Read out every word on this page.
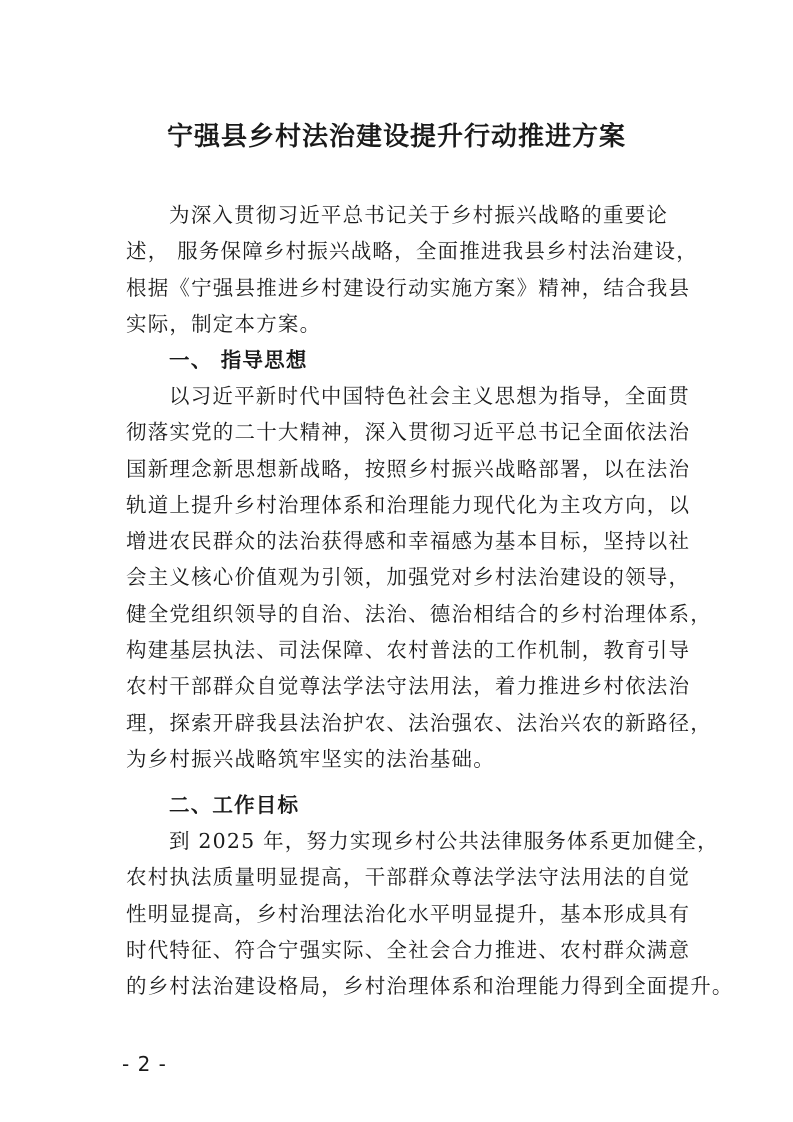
宁强县乡村法治建设提升行动推进方案
为深入贯彻习近平总书记关于乡村振兴战略的重要论
述， 服务保障乡村振兴战略，全面推进我县乡村法治建设，
根据《宁强县推进乡村建设行动实施方案》精神，结合我县
实际，制定本方案。
一、 指导思想
以习近平新时代中国特色社会主义思想为指导，全面贯
彻落实党的二十大精神，深入贯彻习近平总书记全面依法治
国新理念新思想新战略，按照乡村振兴战略部署，以在法治
轨道上提升乡村治理体系和治理能力现代化为主攻方向，以
增进农民群众的法治获得感和幸福感为基本目标，坚持以社
会主义核心价值观为引领，加强党对乡村法治建设的领导，
健全党组织领导的自治、法治、德治相结合的乡村治理体系，
构建基层执法、司法保障、农村普法的工作机制，教育引导
农村干部群众自觉尊法学法守法用法，着力推进乡村依法治
理，探索开辟我县法治护农、法治强农、法治兴农的新路径，
为乡村振兴战略筑牢坚实的法治基础。
二、工作目标
到 2025 年，努力实现乡村公共法律服务体系更加健全，
农村执法质量明显提高，干部群众尊法学法守法用法的自觉
性明显提高，乡村治理法治化水平明显提升，基本形成具有
时代特征、符合宁强实际、全社会合力推进、农村群众满意
的乡村法治建设格局，乡村治理体系和治理能力得到全面提升。
- 2 -
